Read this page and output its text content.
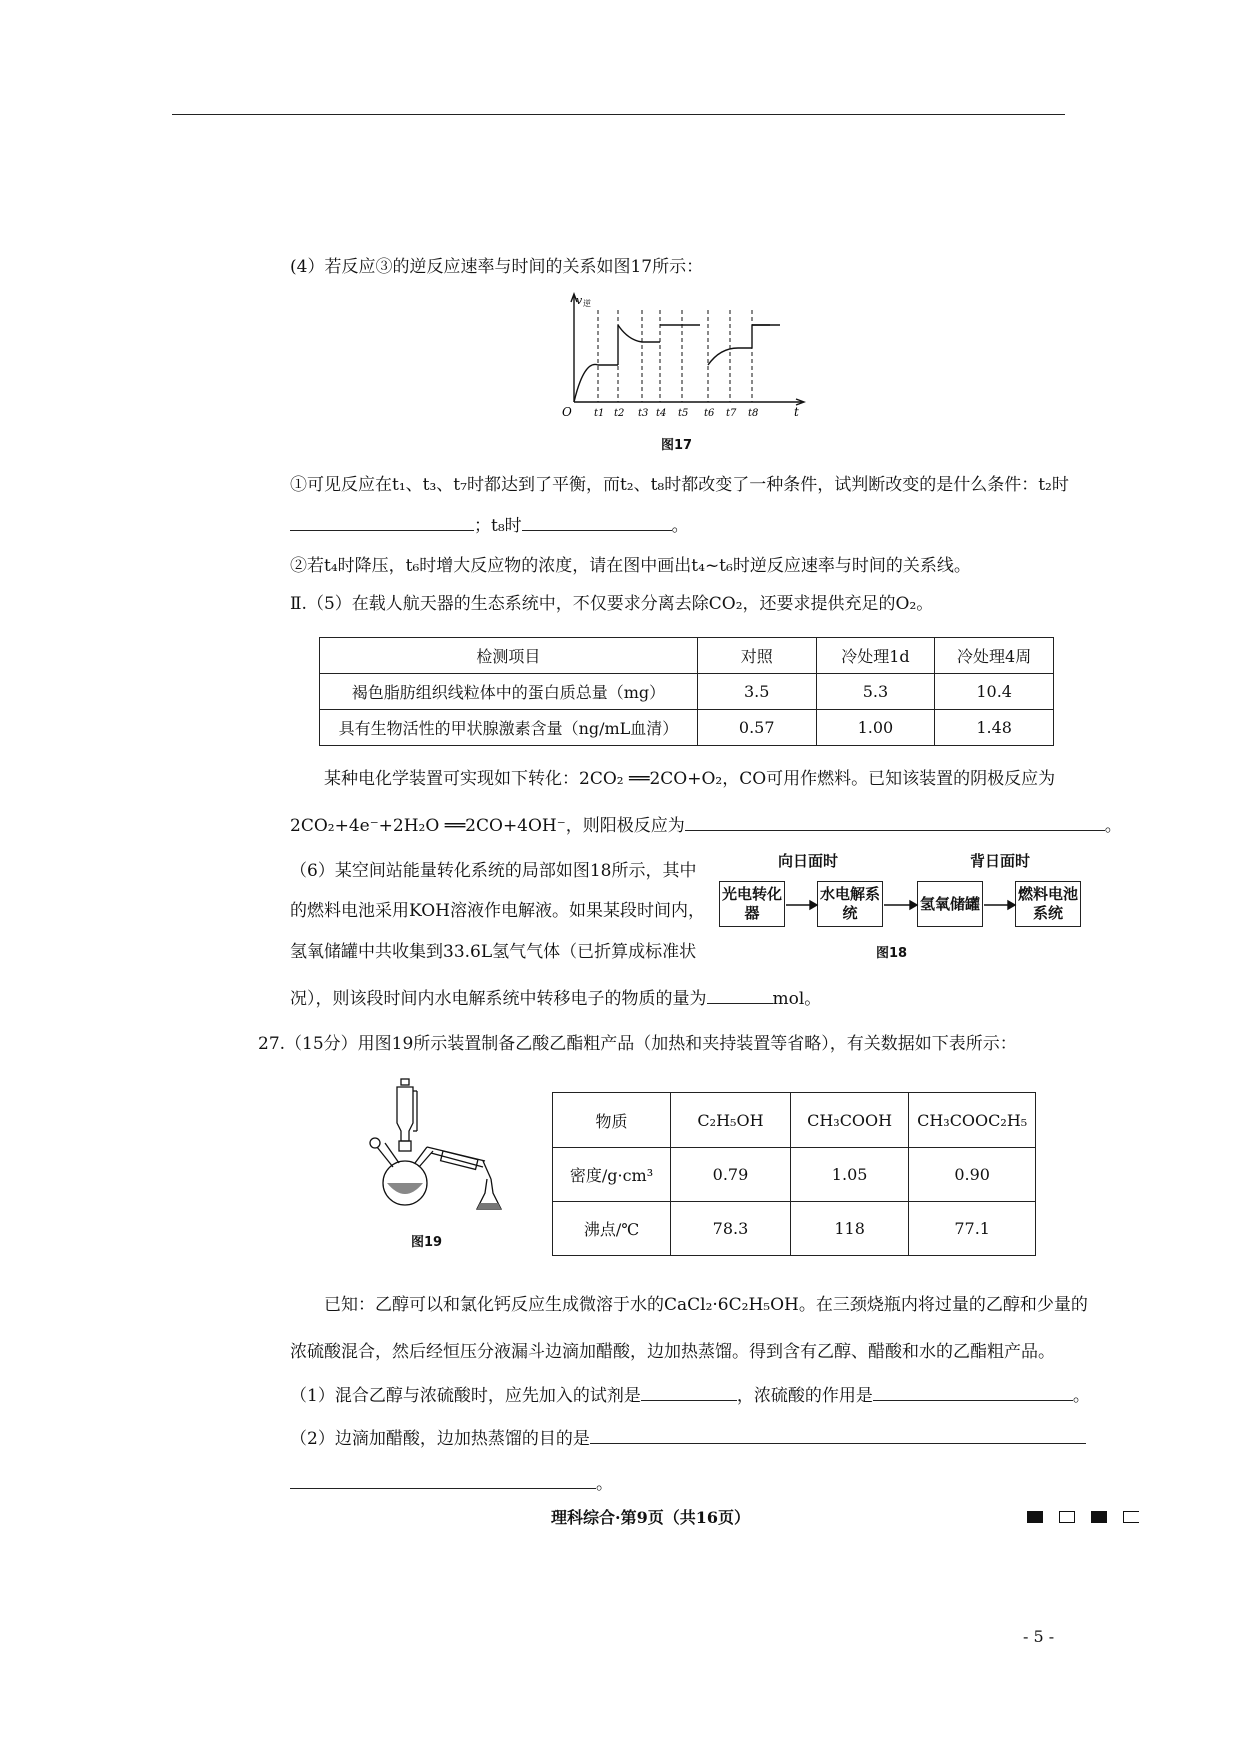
(4）若反应③的逆反应速率与时间的关系如图17所示：
v 逆
O	t
t1 t2 t3 t4 t5 t6 t7 t8
图17
①可见反应在t₁、t₃、t₇时都达到了平衡，而t₂、t₈时都改变了一种条件，试判断改变的是什么条件：t₂时
；t₈时	。
②若t₄时降压，t₆时增大反应物的浓度，请在图中画出t₄~t₆时逆反应速率与时间的关系线。
Ⅱ.（5）在载人航天器的生态系统中，不仅要求分离去除CO₂，还要求提供充足的O₂。
检测项目	对照	冷处理1d	冷处理4周
褐色脂肪组织线粒体中的蛋白质总量（mg）	3.5	5.3	10.4
具有生物活性的甲状腺激素含量（ng/mL血清）	0.57	1.00	1.48
某种电化学装置可实现如下转化：2CO₂ ══2CO+O₂，CO可用作燃料。已知该装置的阴极反应为
2CO₂+4e⁻+2H₂O ══2CO+4OH⁻，则阳极反应为	。
（6）某空间站能量转化系统的局部如图18所示，其中
的燃料电池采用KOH溶液作电解液。如果某段时间内，
氢氧储罐中共收集到33.6L氢气气体（已折算成标准状
况），则该段时间内水电解系统中转移电子的物质的量为	mol。
向日面时	背日面时
光电转化器
水电解系统
氢氧储罐
燃料电池系统
图18
27.（15分）用图19所示装置制备乙酸乙酯粗产品（加热和夹持装置等省略），有关数据如下表所示：
图19
物质	C₂H₅OH	CH₃COOH	CH₃COOC₂H₅
密度/g·cm³	0.79	1.05	0.90
沸点/℃	78.3	118	77.1
已知：乙醇可以和氯化钙反应生成微溶于水的CaCl₂·6C₂H₅OH。在三颈烧瓶内将过量的乙醇和少量的
浓硫酸混合，然后经恒压分液漏斗边滴加醋酸，边加热蒸馏。得到含有乙醇、醋酸和水的乙酯粗产品。
（1）混合乙醇与浓硫酸时，应先加入的试剂是	，浓硫酸的作用是	。
（2）边滴加醋酸，边加热蒸馏的目的是
。
理科综合·第9页（共16页）
- 5 -
